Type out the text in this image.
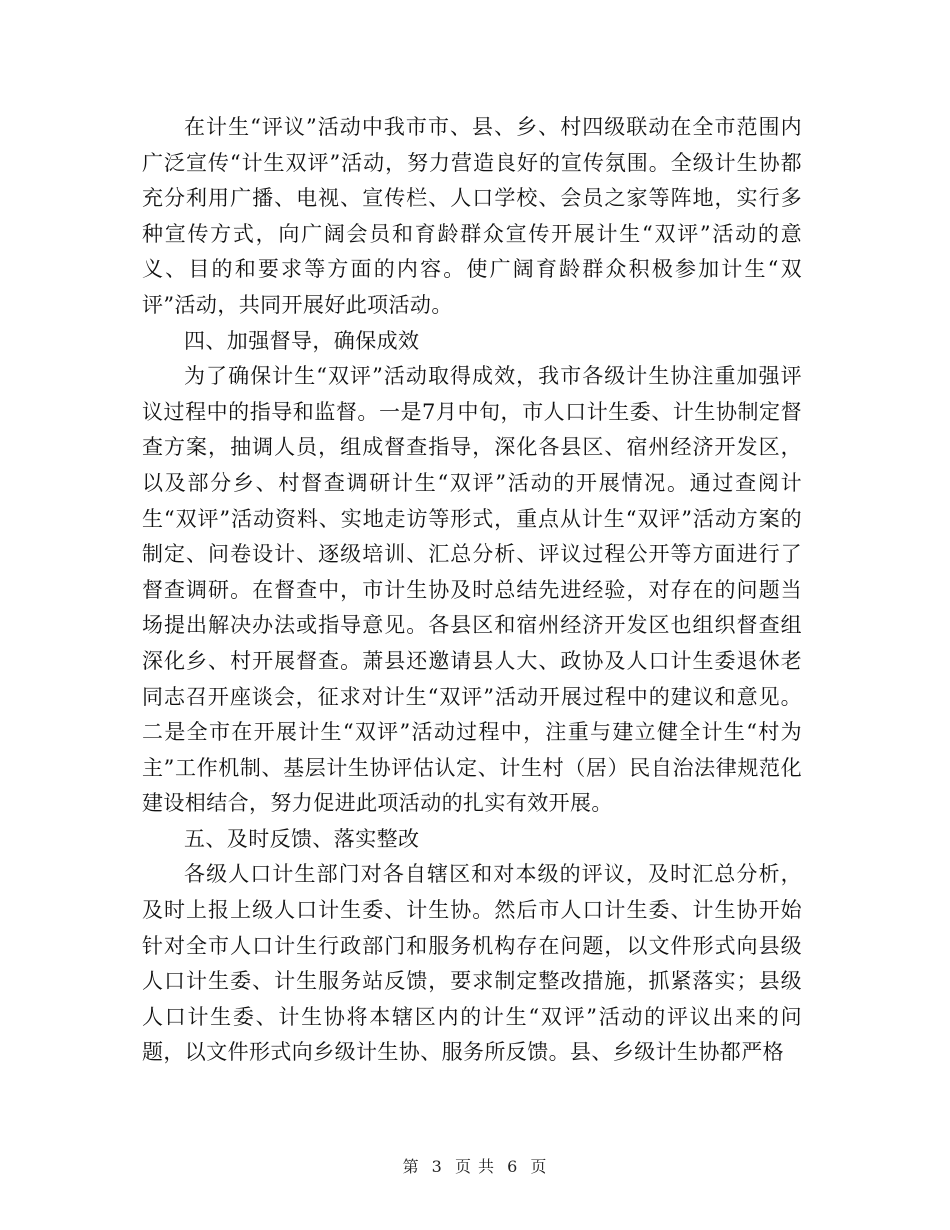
在计生“评议”活动中我市市、县、乡、村四级联动在全市范围内广泛宣传“计生双评”活动，努力营造良好的宣传氛围。全级计生协都充分利用广播、电视、宣传栏、人口学校、会员之家等阵地，实行多种宣传方式，向广阔会员和育龄群众宣传开展计生“双评”活动的意义、目的和要求等方面的内容。使广阔育龄群众积极参加计生“双评”活动，共同开展好此项活动。

四、加强督导，确保成效

为了确保计生“双评”活动取得成效，我市各级计生协注重加强评议过程中的指导和监督。一是7月中旬，市人口计生委、计生协制定督查方案，抽调人员，组成督查指导，深化各县区、宿州经济开发区，以及部分乡、村督查调研计生“双评”活动的开展情况。通过查阅计生“双评”活动资料、实地走访等形式，重点从计生“双评”活动方案的制定、问卷设计、逐级培训、汇总分析、评议过程公开等方面进行了督查调研。在督查中，市计生协及时总结先进经验，对存在的问题当场提出解决办法或指导意见。各县区和宿州经济开发区也组织督查组深化乡、村开展督查。萧县还邀请县人大、政协及人口计生委退休老同志召开座谈会，征求对计生“双评”活动开展过程中的建议和意见。二是全市在开展计生“双评”活动过程中，注重与建立健全计生“村为主”工作机制、基层计生协评估认定、计生村（居）民自治法律规范化建设相结合，努力促进此项活动的扎实有效开展。

五、及时反馈、落实整改

各级人口计生部门对各自辖区和对本级的评议，及时汇总分析，及时上报上级人口计生委、计生协。然后市人口计生委、计生协开始针对全市人口计生行政部门和服务机构存在问题，以文件形式向县级人口计生委、计生服务站反馈，要求制定整改措施，抓紧落实；县级人口计生委、计生协将本辖区内的计生“双评”活动的评议出来的问题，以文件形式向乡级计生协、服务所反馈。县、乡级计生协都严格

第 3 页 共 6 页
